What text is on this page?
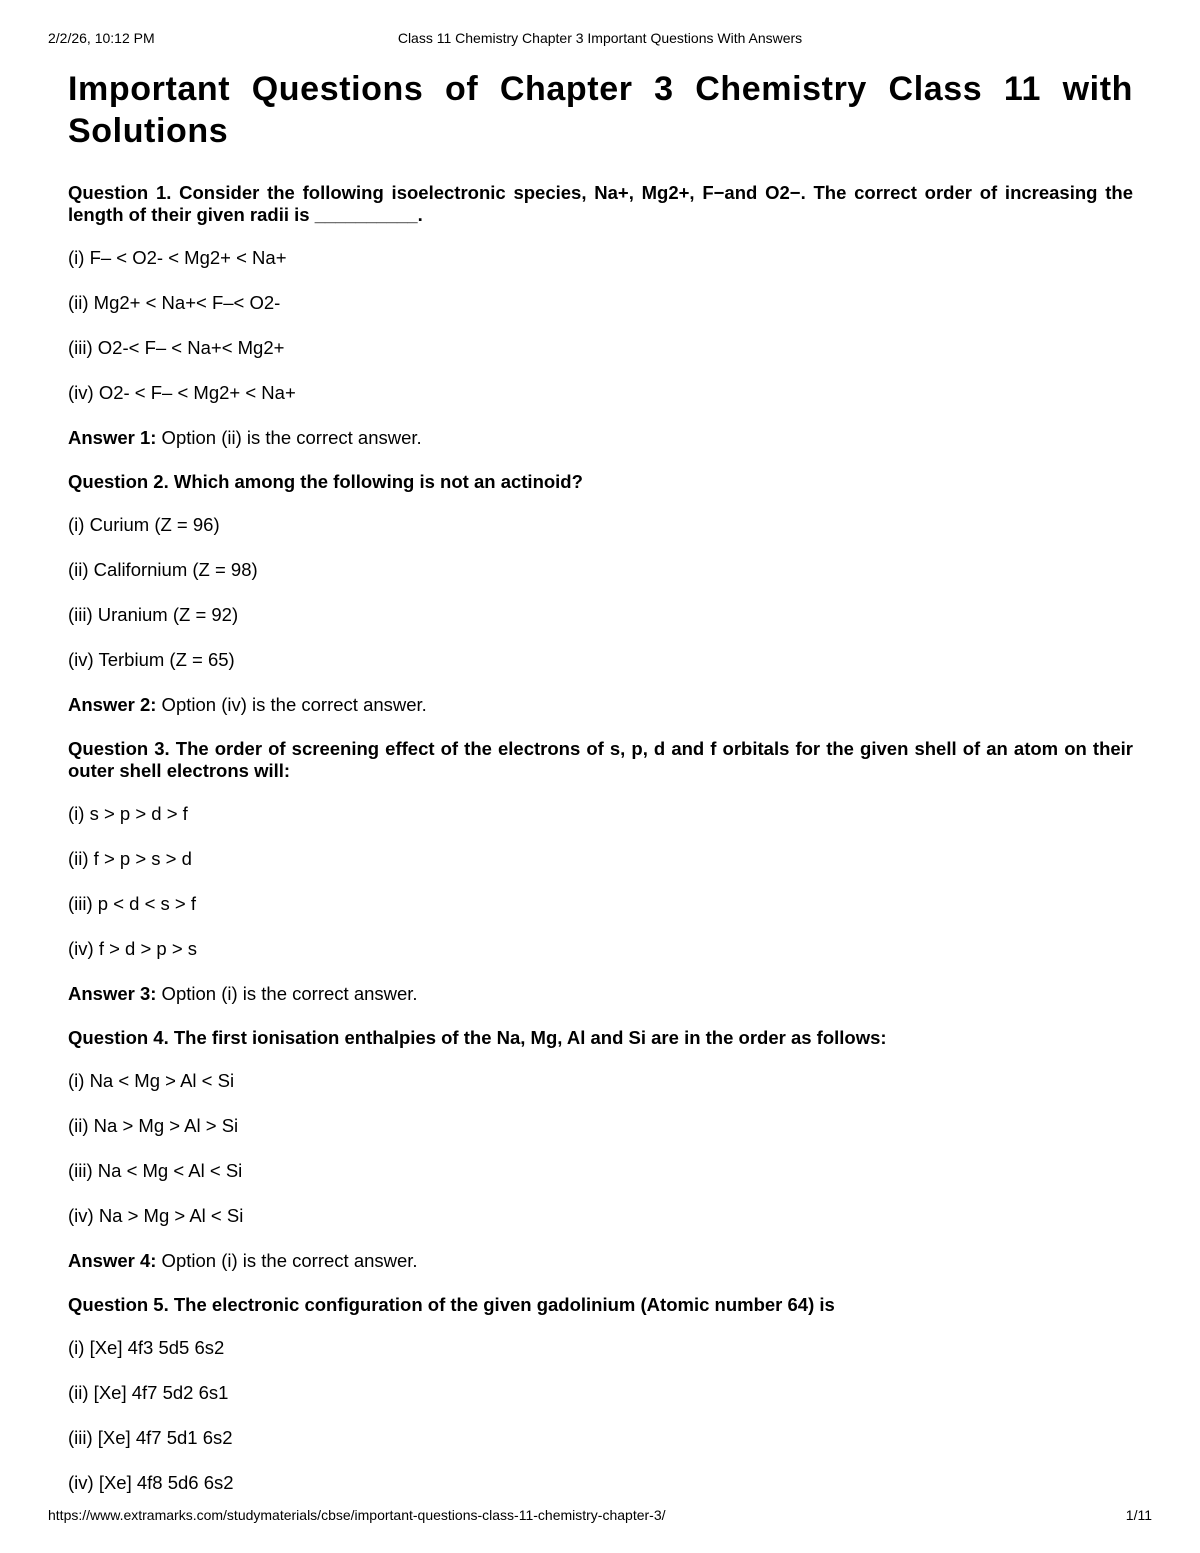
2/2/26, 10:12 PM	Class 11 Chemistry Chapter 3 Important Questions With Answers
Important Questions of Chapter 3 Chemistry Class 11 with Solutions

Question 1. Consider the following isoelectronic species, Na+, Mg2+, F−and O2−. The correct order of increasing the length of their given radii is __________.

(i) F– < O2- < Mg2+ < Na+

(ii) Mg2+ < Na+< F–< O2-

(iii) O2-< F– < Na+< Mg2+

(iv) O2- < F– < Mg2+ < Na+

Answer 1: Option (ii) is the correct answer.

Question 2. Which among the following is not an actinoid?

(i) Curium (Z = 96)

(ii) Californium (Z = 98)

(iii) Uranium (Z = 92)

(iv) Terbium (Z = 65)

Answer 2: Option (iv) is the correct answer.

Question 3. The order of screening effect of the electrons of s, p, d and f orbitals for the given shell of an atom on their outer shell electrons will:

(i) s > p > d > f

(ii) f > p > s > d

(iii) p < d < s > f

(iv) f > d > p > s

Answer 3: Option (i) is the correct answer.

Question 4. The first ionisation enthalpies of the Na, Mg, Al and Si are in the order as follows:

(i) Na < Mg > Al < Si

(ii) Na > Mg > Al > Si

(iii) Na < Mg < Al < Si

(iv) Na > Mg > Al < Si

Answer 4: Option (i) is the correct answer.

Question 5. The electronic configuration of the given gadolinium (Atomic number 64) is

(i) [Xe] 4f3 5d5 6s2

(ii) [Xe] 4f7 5d2 6s1

(iii) [Xe] 4f7 5d1 6s2

(iv) [Xe] 4f8 5d6 6s2

https://www.extramarks.com/studymaterials/cbse/important-questions-class-11-chemistry-chapter-3/	1/11
